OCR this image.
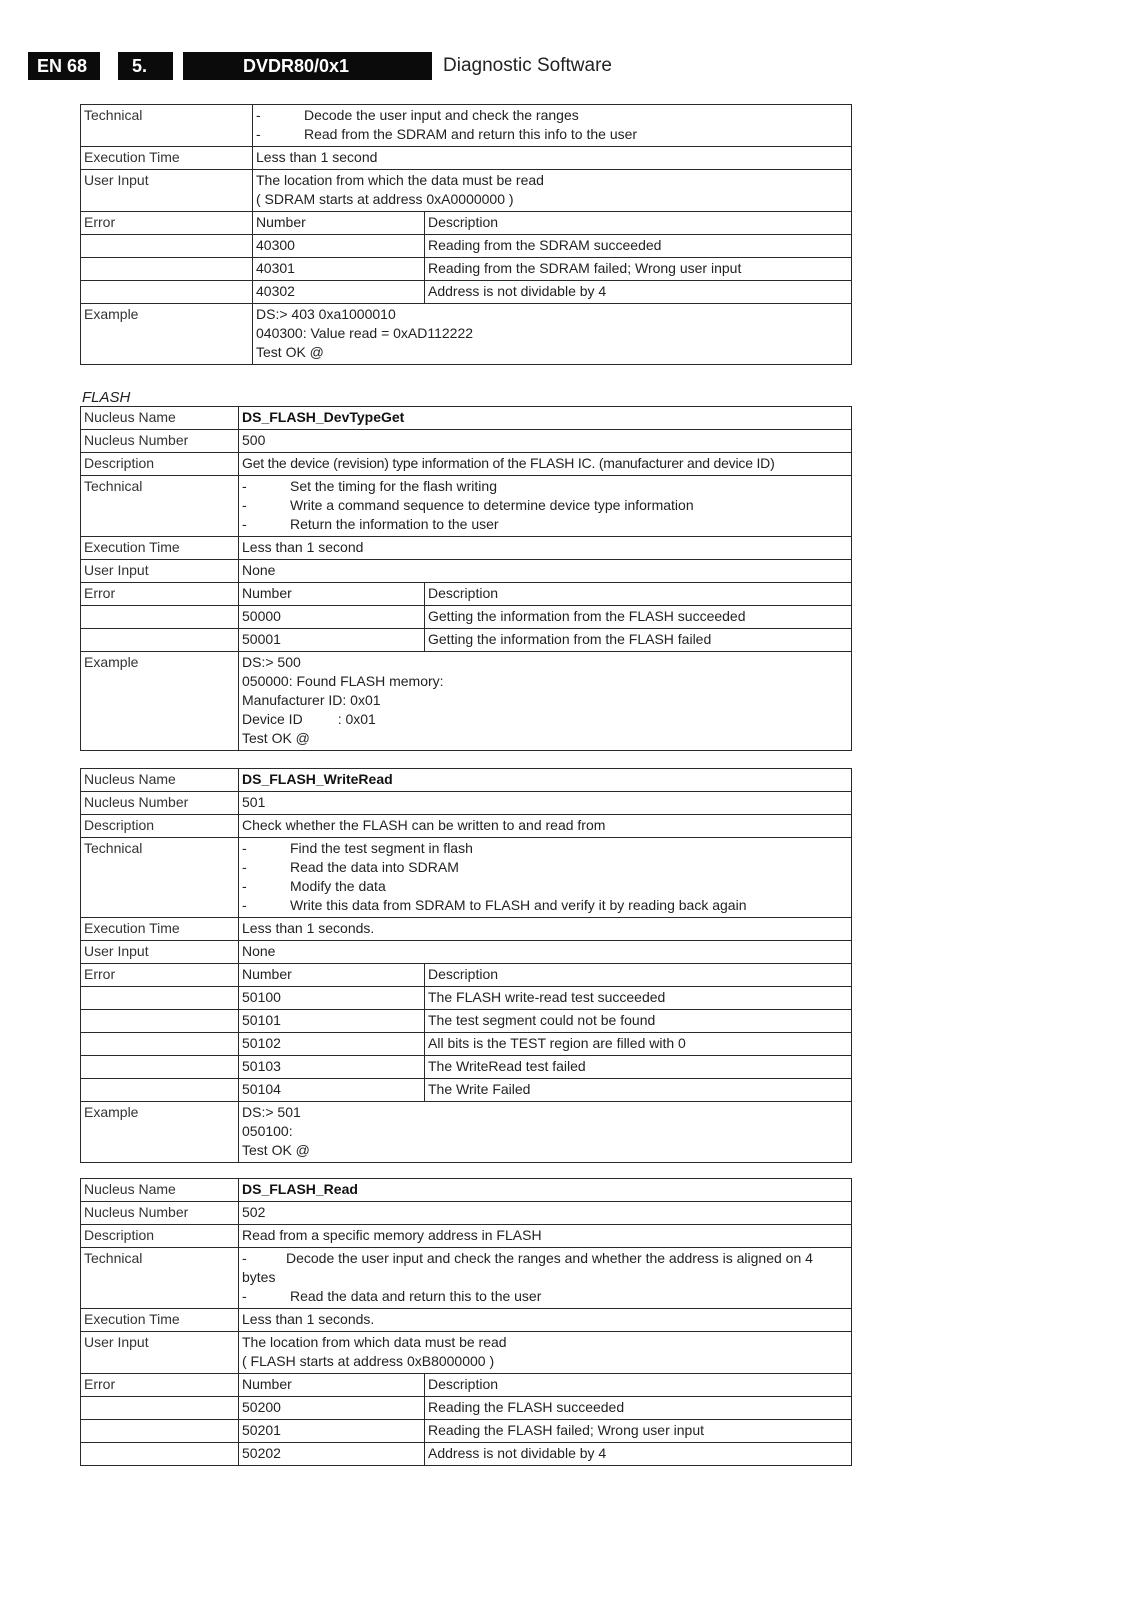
EN 68	5.	DVDR80/0x1	Diagnostic Software
Technical	- Decode the user input and check the ranges
- Read from the SDRAM and return this info to the user	

Execution Time	Less than 1 second	
User Input	The location from which the data must be read
( SDRAM starts at address 0xA0000000 )	

Error	Number	Description
	40300	Reading from the SDRAM succeeded
	40301	Reading from the SDRAM failed; Wrong user input
	40302	Address is not dividable by 4
Example	DS:> 403 0xa1000010
040300: Value read = 0xAD112222
Test OK @	
FLASH
Nucleus Name	DS_FLASH_DevTypeGet	
Nucleus Number	500	
Description	Get the device (revision) type information of the FLASH IC. (manufacturer and device ID)	
Technical	- Set the timing for the flash writing
- Write a command sequence to determine device type information
- Return the information to the user	

Execution Time	Less than 1 second	
User Input	None	
Error	Number	Description
	50000	Getting the information from the FLASH succeeded
	50001	Getting the information from the FLASH failed
Example	DS:> 500
050000: Found FLASH memory:
Manufacturer ID: 0x01
Device ID         : 0x01
Test OK @	
Nucleus Name	DS_FLASH_WriteRead	
Nucleus Number	501	
Description	Check whether the FLASH can be written to and read from	
Technical	- Find the test segment in flash
- Read the data into SDRAM
- Modify the data
- Write this data from SDRAM to FLASH and verify it by reading back again	

Execution Time	Less than 1 seconds.	
User Input	None	
Error	Number	Description
	50100	The FLASH write-read test succeeded
	50101	The test segment could not be found
	50102	All bits is the TEST region are filled with 0
	50103	The WriteRead test failed
	50104	The Write Failed
Example	DS:> 501
050100:
Test OK @	
Nucleus Name	DS_FLASH_Read	
Nucleus Number	502	
Description	Read from a specific memory address in FLASH	
Technical	- Decode the user input and check the ranges and whether the address is aligned on 4 bytes
- Read the data and return this to the user	

Execution Time	Less than 1 seconds.	
User Input	The location from which data must be read
( FLASH starts at address 0xB8000000 )	

Error	Number	Description
	50200	Reading the FLASH succeeded
	50201	Reading the FLASH failed; Wrong user input
	50202	Address is not dividable by 4
